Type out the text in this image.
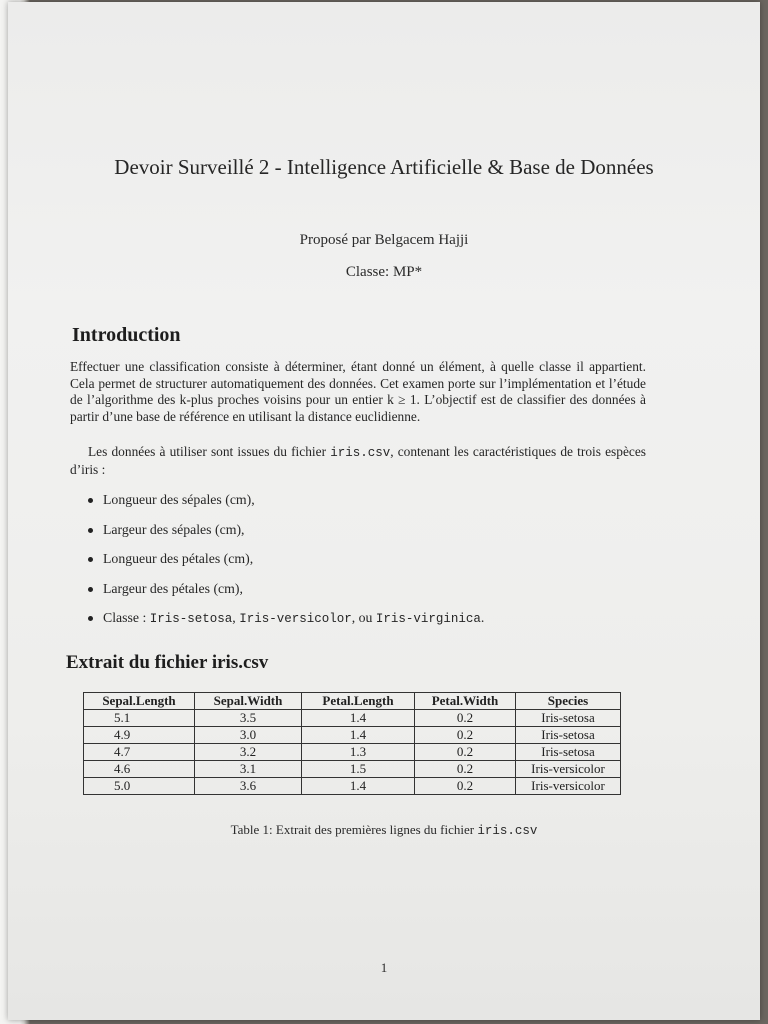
Devoir Surveillé 2 - Intelligence Artificielle & Base de Données
Proposé par Belgacem Hajji
Classe: MP*
Introduction
Effectuer une classification consiste à déterminer, étant donné un élément, à quelle classe il appartient. Cela permet de structurer automatiquement des données. Cet examen porte sur l’implémentation et l’étude de l’algorithme des k-plus proches voisins pour un entier k ≥ 1. L’objectif est de classifier des données à partir d’une base de référence en utilisant la distance euclidienne.
Les données à utiliser sont issues du fichier iris.csv, contenant les caractéristiques de trois espèces d’iris :
Longueur des sépales (cm),
Largeur des sépales (cm),
Longueur des pétales (cm),
Largeur des pétales (cm),
Classe : Iris-setosa, Iris-versicolor, ou Iris-virginica.
Extrait du fichier iris.csv
Sepal.Length	Sepal.Width	Petal.Length	Petal.Width	Species
5.1	3.5	1.4	0.2	Iris-setosa
4.9	3.0	1.4	0.2	Iris-setosa
4.7	3.2	1.3	0.2	Iris-setosa
4.6	3.1	1.5	0.2	Iris-versicolor
5.0	3.6	1.4	0.2	Iris-versicolor
Table 1: Extrait des premières lignes du fichier iris.csv
1
